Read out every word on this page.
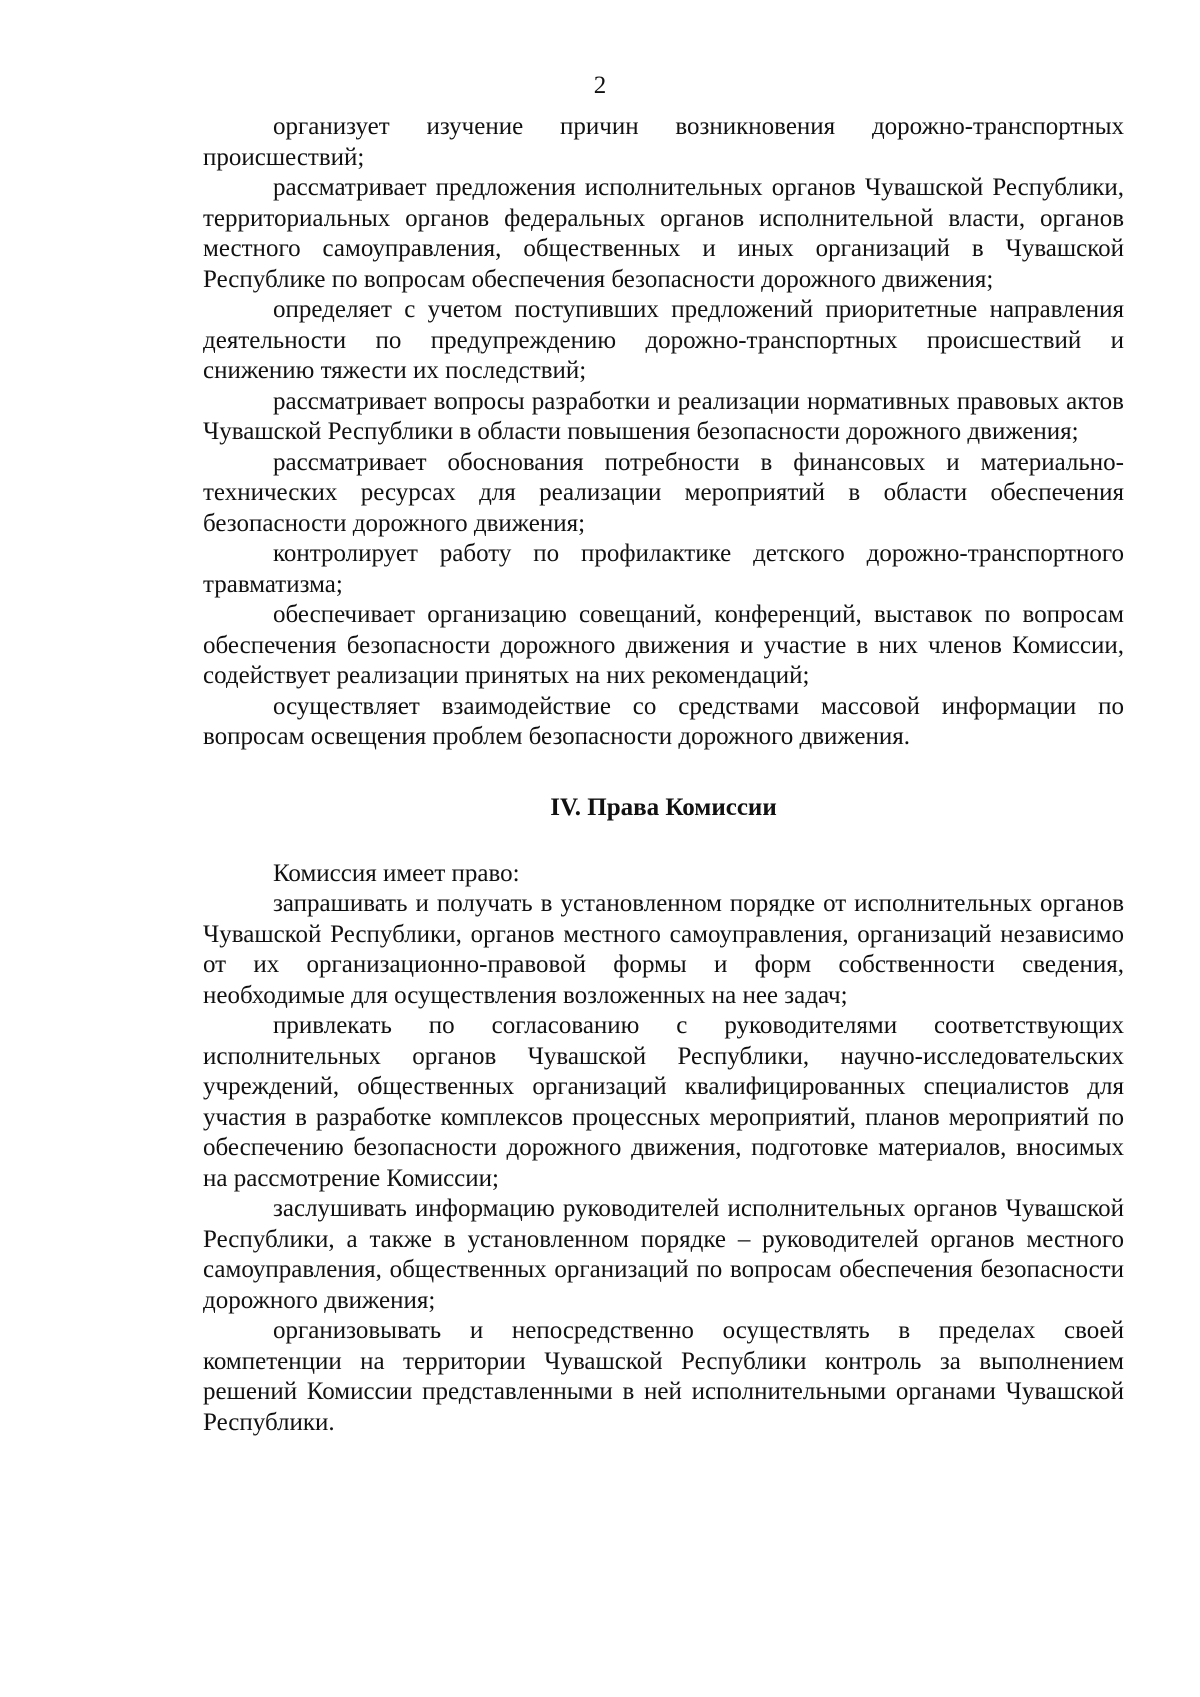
2

организует изучение причин возникновения дорожно-транспортных происшествий;

рассматривает предложения исполнительных органов Чувашской Республики, территориальных органов федеральных органов исполнительной власти, органов местного самоуправления, общественных и иных организаций в Чувашской Республике по вопросам обеспечения безопасности дорожного движения;

определяет с учетом поступивших предложений приоритетные направления деятельности по предупреждению дорожно-транспортных происшествий и снижению тяжести их последствий;

рассматривает вопросы разработки и реализации нормативных правовых актов Чувашской Республики в области повышения безопасности дорожного движения;

рассматривает обоснования потребности в финансовых и материально-технических ресурсах для реализации мероприятий в области обеспечения безопасности дорожного движения;

контролирует работу по профилактике детского дорожно-транспортного травматизма;

обеспечивает организацию совещаний, конференций, выставок по вопросам обеспечения безопасности дорожного движения и участие в них членов Комиссии, содействует реализации принятых на них рекомендаций;

осуществляет взаимодействие со средствами массовой информации по вопросам освещения проблем безопасности дорожного движения.

IV. Права Комиссии

Комиссия имеет право:

запрашивать и получать в установленном порядке от исполнительных органов Чувашской Республики, органов местного самоуправления, организаций независимо от их организационно-правовой формы и форм собственности сведения, необходимые для осуществления возложенных на нее задач;

привлекать по согласованию с руководителями соответствующих исполнительных органов Чувашской Республики, научно-исследовательских учреждений, общественных организаций квалифицированных специалистов для участия в разработке комплексов процессных мероприятий, планов мероприятий по обеспечению безопасности дорожного движения, подготовке материалов, вносимых на рассмотрение Комиссии;

заслушивать информацию руководителей исполнительных органов Чувашской Республики, а также в установленном порядке – руководителей органов местного самоуправления, общественных организаций по вопросам обеспечения безопасности дорожного движения;

организовывать и непосредственно осуществлять в пределах своей компетенции на территории Чувашской Республики контроль за выполнением решений Комиссии представленными в ней исполнительными органами Чувашской Республики.
